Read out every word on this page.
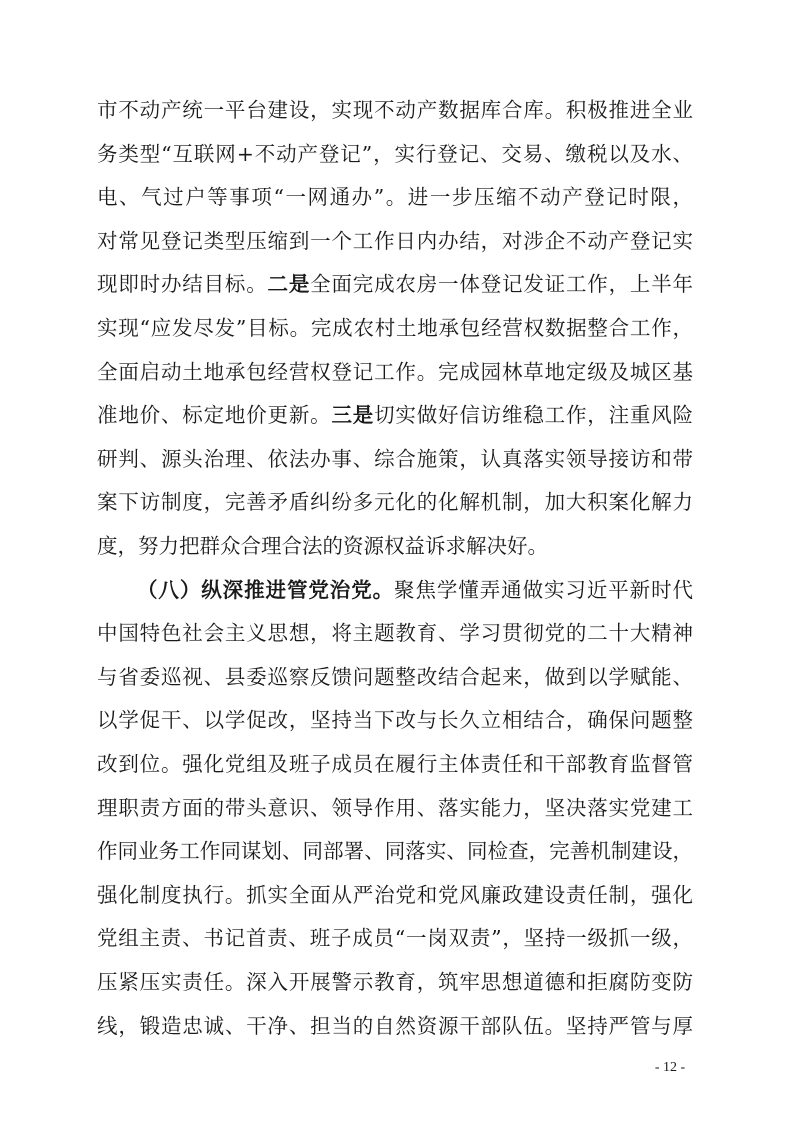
- 12 -
市不动产统一平台建设，实现不动产数据库合库。积极推进全业
务类型“互联网+不动产登记”，实行登记、交易、缴税以及水、
电、气过户等事项“一网通办”。进一步压缩不动产登记时限，
对常见登记类型压缩到一个工作日内办结，对涉企不动产登记实
现即时办结目标。二是全面完成农房一体登记发证工作，上半年
实现“应发尽发”目标。完成农村土地承包经营权数据整合工作，
全面启动土地承包经营权登记工作。完成园林草地定级及城区基
准地价、标定地价更新。三是切实做好信访维稳工作，注重风险
研判、源头治理、依法办事、综合施策，认真落实领导接访和带
案下访制度，完善矛盾纠纷多元化的化解机制，加大积案化解力
度，努力把群众合理合法的资源权益诉求解决好。
（八）纵深推进管党治党。聚焦学懂弄通做实习近平新时代
中国特色社会主义思想，将主题教育、学习贯彻党的二十大精神
与省委巡视、县委巡察反馈问题整改结合起来，做到以学赋能、
以学促干、以学促改，坚持当下改与长久立相结合，确保问题整
改到位。强化党组及班子成员在履行主体责任和干部教育监督管
理职责方面的带头意识、领导作用、落实能力，坚决落实党建工
作同业务工作同谋划、同部署、同落实、同检查，完善机制建设，
强化制度执行。抓实全面从严治党和党风廉政建设责任制，强化
党组主责、书记首责、班子成员“一岗双责”，坚持一级抓一级，
压紧压实责任。深入开展警示教育，筑牢思想道德和拒腐防变防
线，锻造忠诚、干净、担当的自然资源干部队伍。坚持严管与厚
